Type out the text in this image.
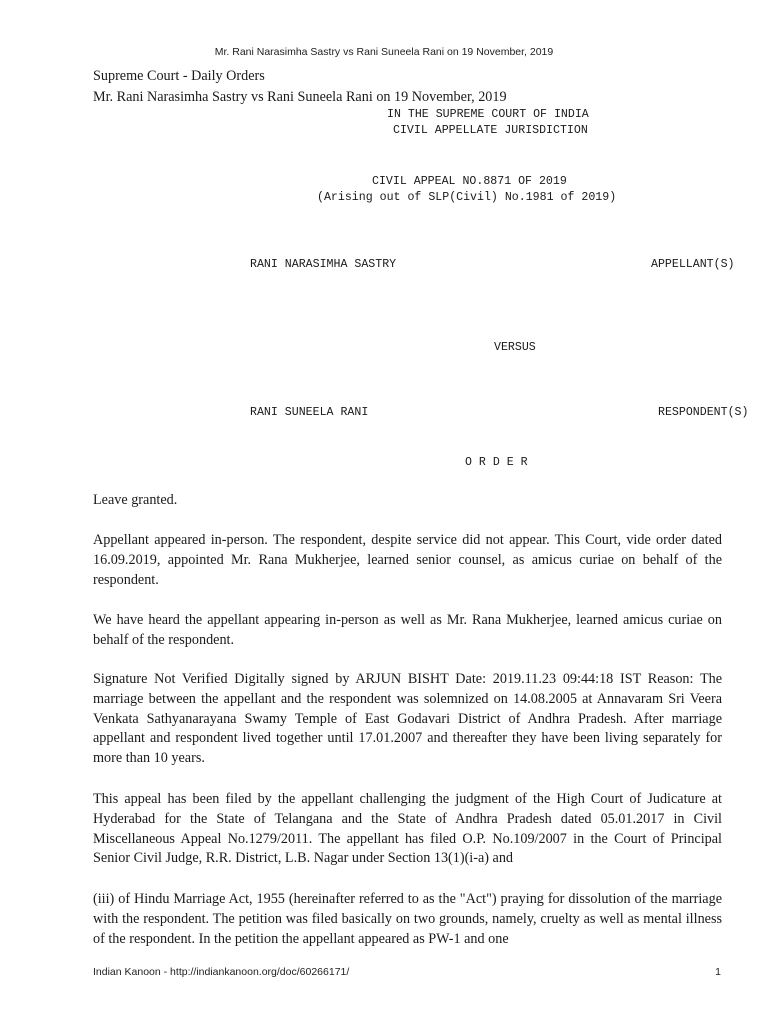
Mr. Rani Narasimha Sastry vs Rani Suneela Rani on 19 November, 2019
Supreme Court - Daily Orders
Mr. Rani Narasimha Sastry vs Rani Suneela Rani on 19 November, 2019
IN THE SUPREME COURT OF INDIA
CIVIL APPELLATE JURISDICTION
CIVIL APPEAL NO.8871 OF 2019
(Arising out of SLP(Civil) No.1981 of 2019)
RANI NARASIMHA SASTRY	APPELLANT(S)
VERSUS
RANI SUNEELA RANI	RESPONDENT(S)
O R D E R
Leave granted.
Appellant appeared in-person. The respondent, despite service did not appear. This Court, vide order dated 16.09.2019, appointed Mr. Rana Mukherjee, learned senior counsel, as amicus curiae on behalf of the respondent.
We have heard the appellant appearing in-person as well as Mr. Rana Mukherjee, learned amicus curiae on behalf of the respondent.
Signature Not Verified Digitally signed by ARJUN BISHT Date: 2019.11.23 09:44:18 IST Reason: The marriage between the appellant and the respondent was solemnized on 14.08.2005 at Annavaram Sri Veera Venkata Sathyanarayana Swamy Temple of East Godavari District of Andhra Pradesh. After marriage appellant and respondent lived together until 17.01.2007 and thereafter they have been living separately for more than 10 years.
This appeal has been filed by the appellant challenging the judgment of the High Court of Judicature at Hyderabad for the State of Telangana and the State of Andhra Pradesh dated 05.01.2017 in Civil Miscellaneous Appeal No.1279/2011. The appellant has filed O.P. No.109/2007 in the Court of Principal Senior Civil Judge, R.R. District, L.B. Nagar under Section 13(1)(i-a) and
(iii) of Hindu Marriage Act, 1955 (hereinafter referred to as the "Act") praying for dissolution of the marriage with the respondent. The petition was filed basically on two grounds, namely, cruelty as well as mental illness of the respondent. In the petition the appellant appeared as PW-1 and one
Indian Kanoon - http://indiankanoon.org/doc/60266171/	1
